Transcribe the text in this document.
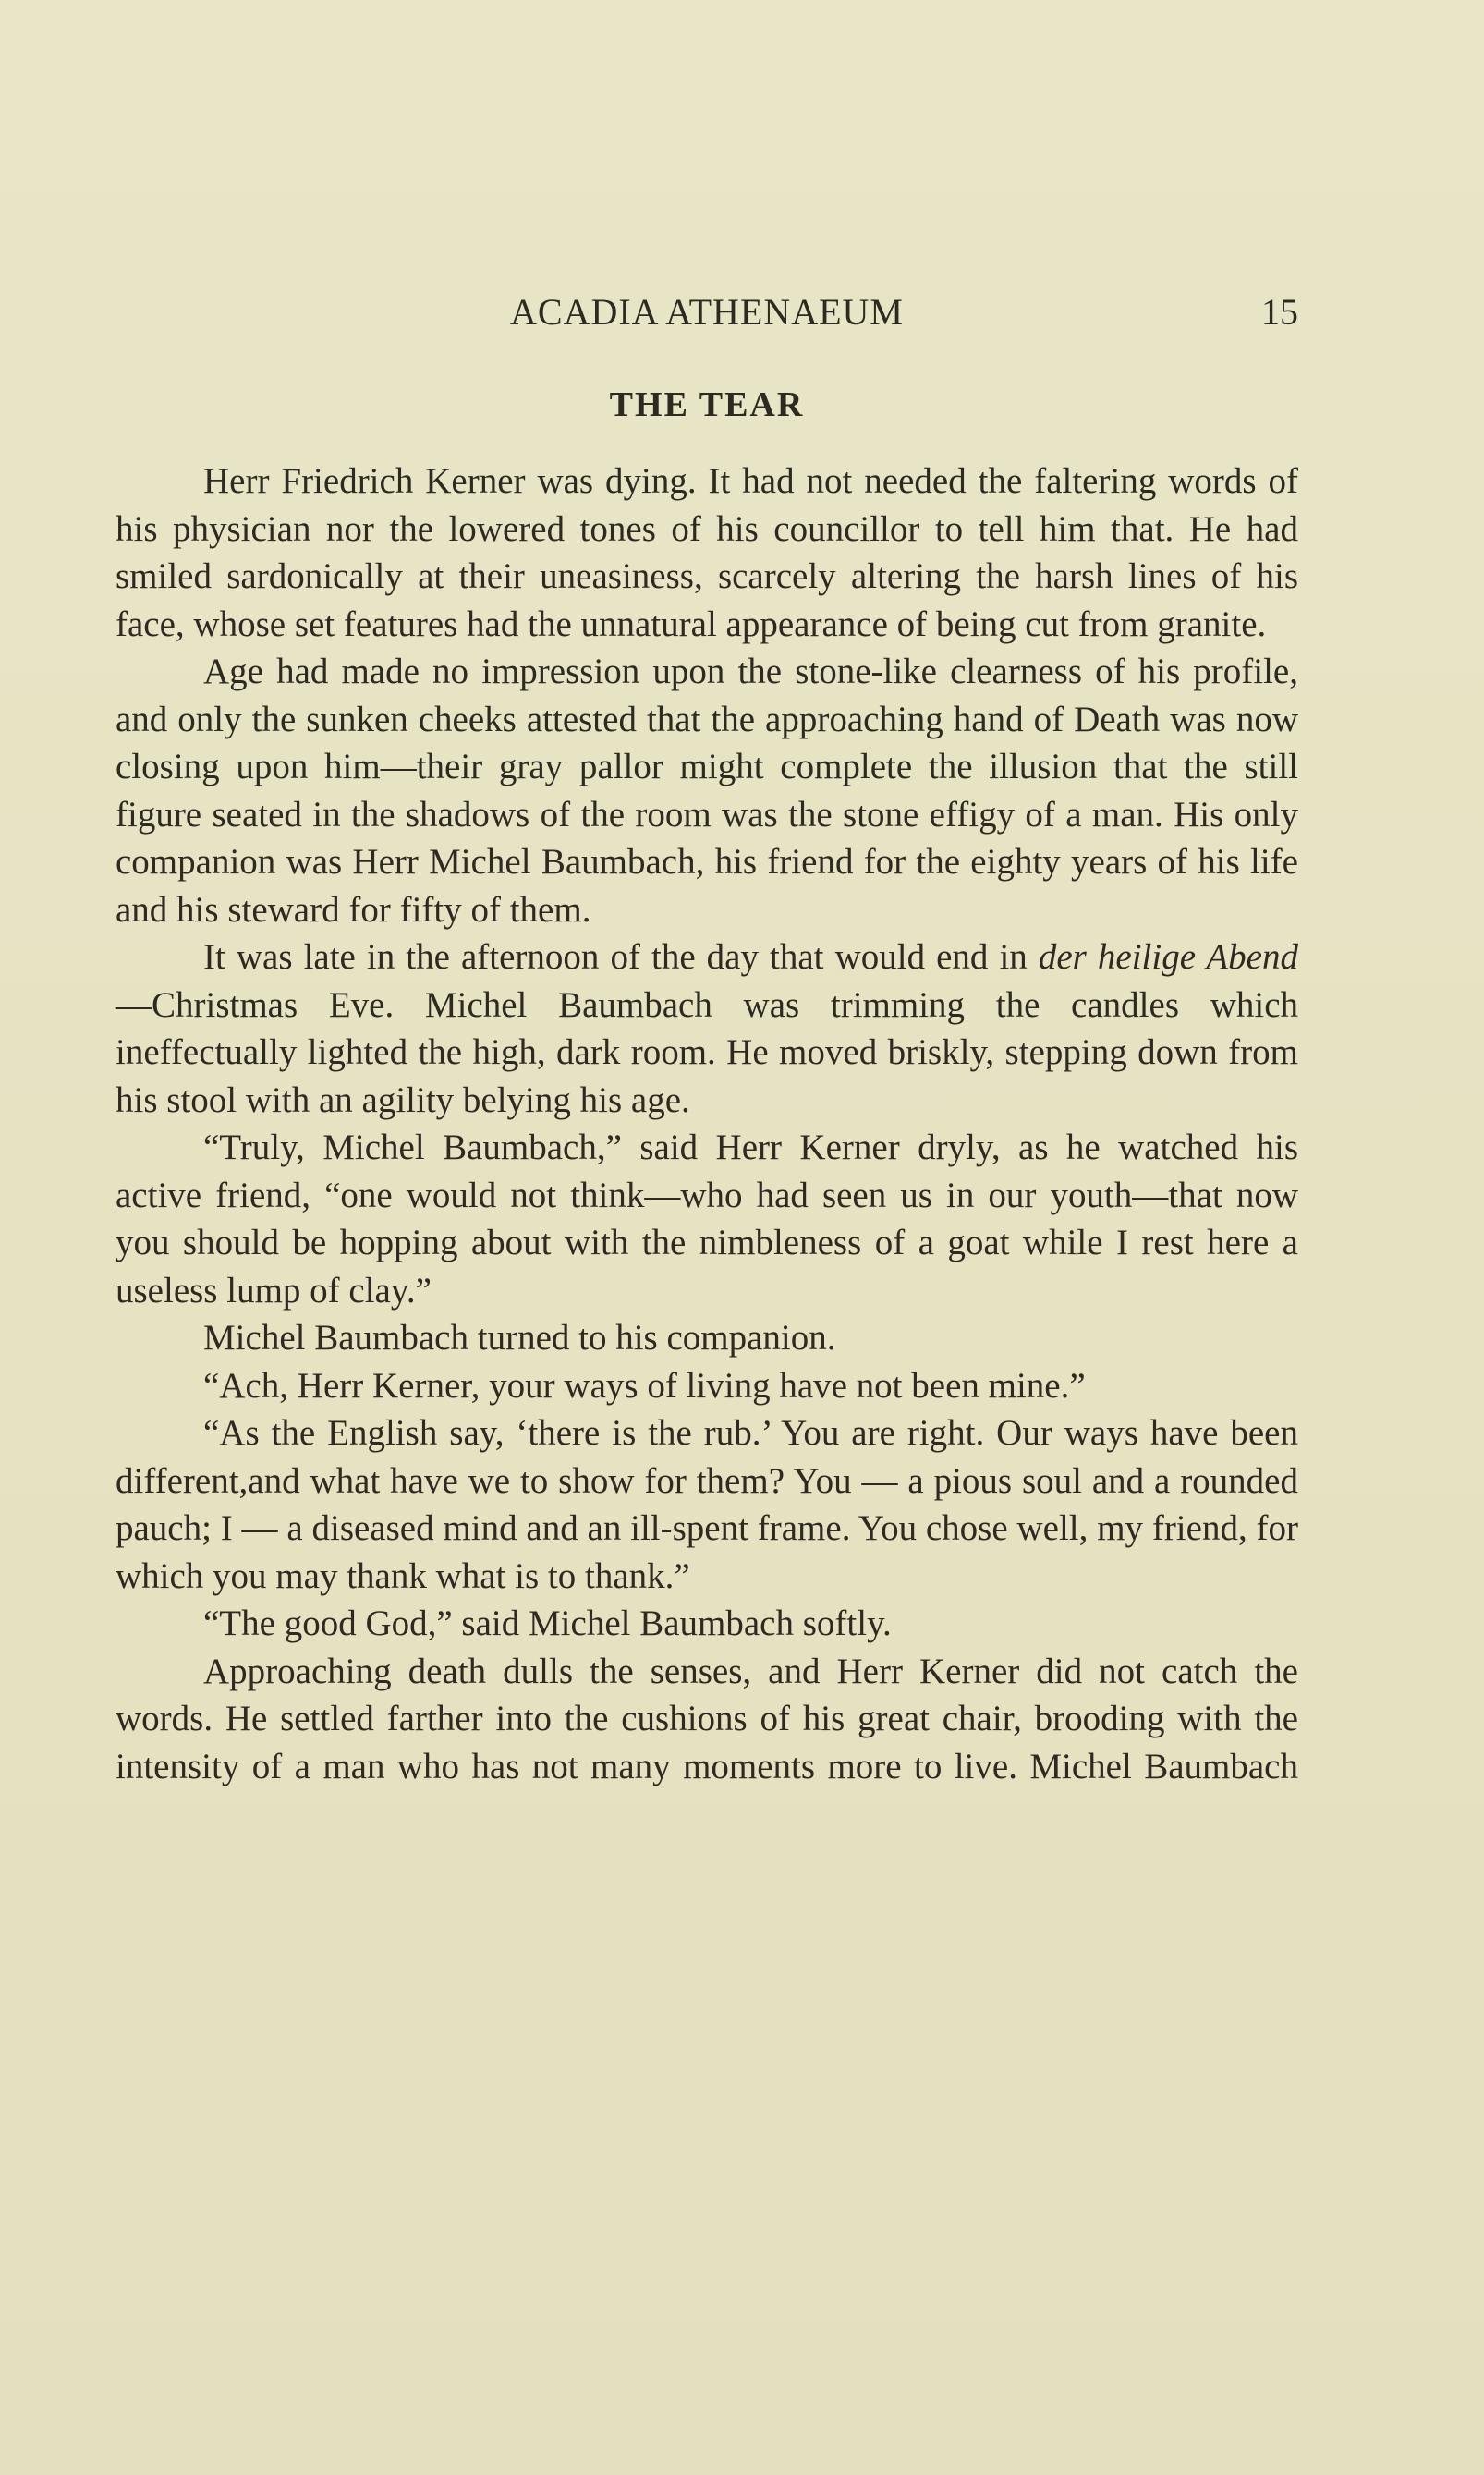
ACADIA ATHENAEUM	15
THE TEAR

Herr Friedrich Kerner was dying. It had not needed the faltering words of his physician nor the lowered tones of his councillor to tell him that. He had smiled sardonically at their uneasiness, scarcely altering the harsh lines of his face, whose set features had the unnatural appearance of being cut from granite.

Age had made no impression upon the stone-like clearness of his profile, and only the sunken cheeks attested that the approaching hand of Death was now closing upon him—their gray pallor might complete the illusion that the still figure seated in the shadows of the room was the stone effigy of a man. His only companion was Herr Michel Baumbach, his friend for the eighty years of his life and his steward for fifty of them.

It was late in the afternoon of the day that would end in der heilige Abend—Christmas Eve. Michel Baumbach was trimming the candles which ineffectually lighted the high, dark room. He moved briskly, stepping down from his stool with an agility belying his age.

“Truly, Michel Baumbach,” said Herr Kerner dryly, as he watched his active friend, “one would not think—who had seen us in our youth—that now you should be hopping about with the nimbleness of a goat while I rest here a useless lump of clay.”

Michel Baumbach turned to his companion.

“Ach, Herr Kerner, your ways of living have not been mine.”

“As the English say, ‘there is the rub.’ You are right. Our ways have been different,and what have we to show for them? You — a pious soul and a rounded pauch; I — a diseased mind and an ill-spent frame. You chose well, my friend, for which you may thank what is to thank.”

“The good God,” said Michel Baumbach softly.

Approaching death dulls the senses, and Herr Kerner did not catch the words. He settled farther into the cushions of his great chair, brooding with the intensity of a man who has not many moments more to live. Michel Baumbach
